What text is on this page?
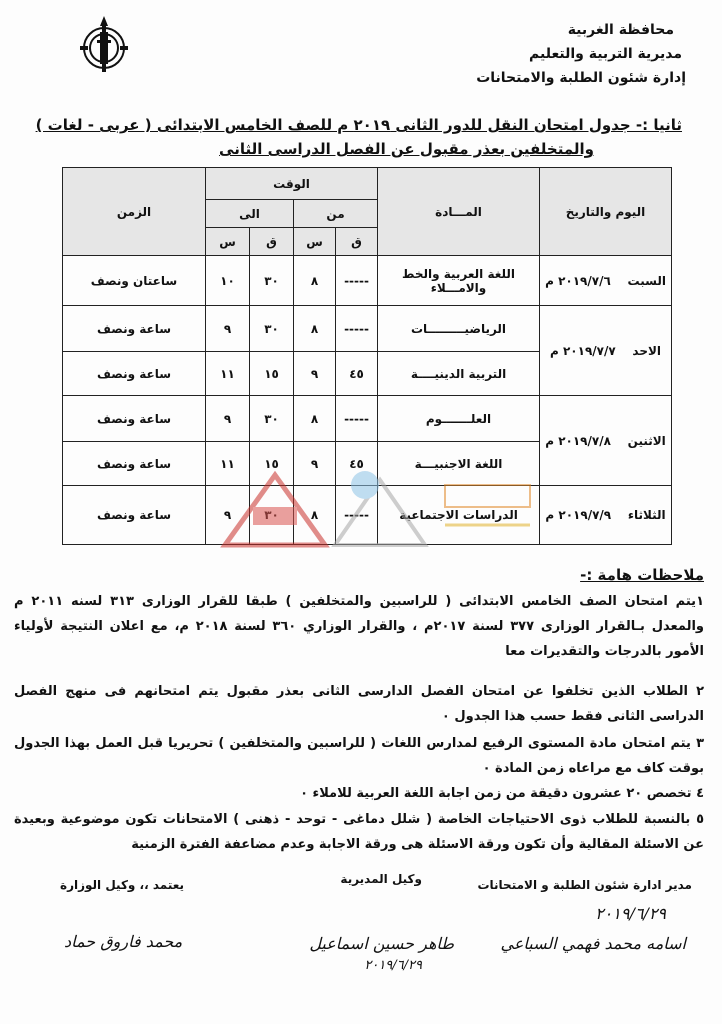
محافظة الغربية
مديرية التربية والتعليم
إدارة شئون الطلبة والامتحانات
ثانيا :- جدول امتحان النقل للدور الثانى ٢٠١٩ م للصف الخامس الابتدائى ( عربى - لغات )
والمتخلفين بعذر مقبول عن الفصل الدراسى الثانى
اليوم والتاريخ	المـــادة	الوقت				الزمن
		من		الى		
		ق	س	ق	س	
السبت    ٢٠١٩/٧/٦ م	اللغة العربية والخط والامـــلاء	-----	٨	٣٠	١٠	ساعتان ونصف
الاحد    ٢٠١٩/٧/٧ م	الرياضيـــــــــات	-----	٨	٣٠	٩	ساعة ونصف
	التربية الدينيــــة	٤٥	٩	١٥	١١	ساعة ونصف
الاثنين    ٢٠١٩/٧/٨ م	العلـــــــوم	-----	٨	٣٠	٩	ساعة ونصف
	اللغة الاجنبيـــة	٤٥	٩	١٥	١١	ساعة ونصف
الثلاثاء    ٢٠١٩/٧/٩ م	الدراسات الاجتماعية	-----	٨		٩	ساعة ونصف
ملاحظات هامة :-
١يتم امتحان الصف الخامس الابتدائى ( للراسبين والمتخلفين ) طبقا للقرار الوزارى ٣١٣ لسنه ٢٠١١ م والمعدل بـالقرار الوزارى ٣٧٧ لسنة ٢٠١٧م ، والقرار الوزاري ٣٦٠ لسنة ٢٠١٨ م، مع اعلان النتيجة لأولياء الأمور بالدرجات والتقديرات معا
٢ الطلاب الذين تخلفوا عن امتحان الفصل الدارسى الثانى بعذر مقبول يتم امتحانهم فى منهج الفصل الدراسى الثانى فقط حسب هذا الجدول ٠
٣ يتم امتحان مادة المستوى الرفيع لمدارس اللغات ( للراسبين والمتخلفين ) تحريريا قبل العمل بهذا الجدول بوقت كاف مع مراعاه زمن المادة ٠
٤ تخصص ٢٠ عشرون دقيقة من زمن اجابة اللغة العربية للاملاء ٠
٥ بالنسبة للطلاب ذوى الاحتياجات الخاصة ( شلل دماغى - توحد - ذهنى ) الامتحانات تكون موضوعية وبعيدة عن الاسئلة المقالية وأن تكون ورقة الاسئلة هى ورقة الاجابة وعدم مضاعفة الفترة الزمنية
مدير ادارة شئون الطلبة و الامتحانات
٢٠١٩/٦/٢٩
اسامه محمد فهمي السباعي
وكيل المديرية
طاهر حسين اسماعيل
٢٠١٩/٦/٢٩
يعتمد ،، وكيل الوزارة
محمد فاروق حماد
